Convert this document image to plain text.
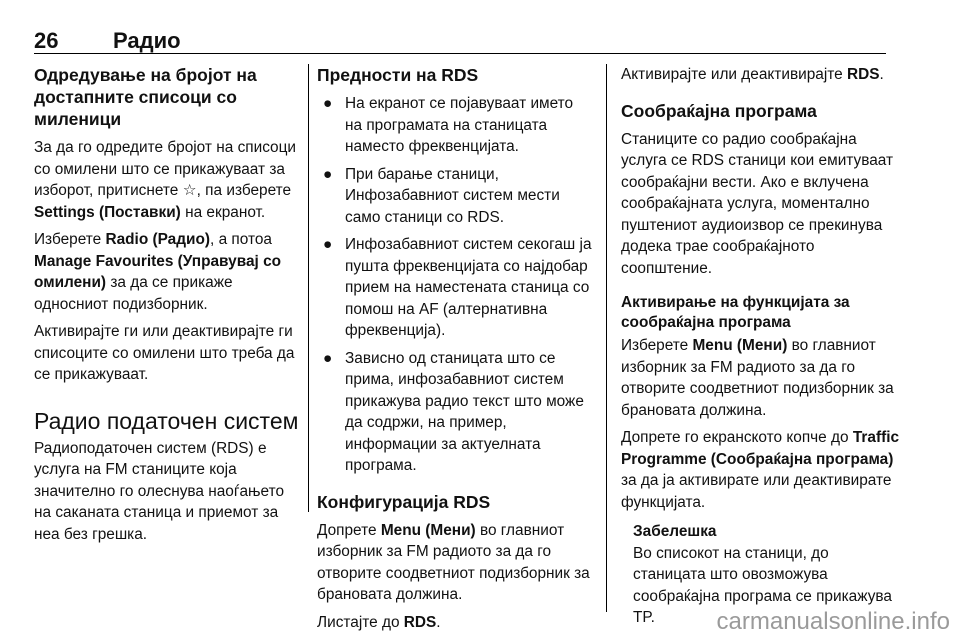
26 Радио
Одредување на бројот на достапните списоци со миленици

За да го одредите бројот на списоци со омилени што се прикажуваат за изборот, притиснете ☆, па изберете Settings (Поставки) на екранот.

Изберете Radio (Радио), а потоа Manage Favourites (Управувај со омилени) за да се прикаже односниот подизборник.

Активирајте ги или деактивирајте ги списоците со омилени што треба да се прикажуваат.

Радио податочен систем

Радиоподаточен систем (RDS) е услуга на FM станиците која значително го олеснува наоѓањето на саканата станица и приемот за неа без грешка.

Предности на RDS
● На екранот се појавуваат името на програмата на станицата наместо фреквенцијата.
● При барање станици, Инфозабавниот систем мести само станици со RDS.
● Инфозабавниот систем секогаш ја пушта фреквенцијата со најдобар прием на наместената станица со помош на AF (алтернативна фреквенција).
● Зависно од станицата што се прима, инфозабавниот систем прикажува радио текст што може да содржи, на пример, информации за актуелната програма.
Конфигурација RDS

Допрете Menu (Мени) во главниот изборник за FM радиото за да го отворите соодветниот подизборник за брановата должина.

Листајте до RDS.

Активирајте или деактивирајте RDS.

Сообраќајна програма

Станиците со радио сообраќајна услуга се RDS станици кои емитуваат сообраќајни вести. Ако е вклучена сообраќајната услуга, моментално пуштениот аудиоизвор се прекинува додека трае сообраќајното соопштение.

Активирање на функцијата за сообраќајна програма

Изберете Menu (Мени) во главниот изборник за FM радиото за да го отворите соодветниот подизборник за брановата должина.

Допрете го екранското копче до Traffic Programme (Сообраќајна програма) за да ја активирате или деактивирате функцијата.

Забелешка
Во списокот на станици, до станицата што овозможува сообраќајна програма се прикажува TP.	carmanualsonline.info
